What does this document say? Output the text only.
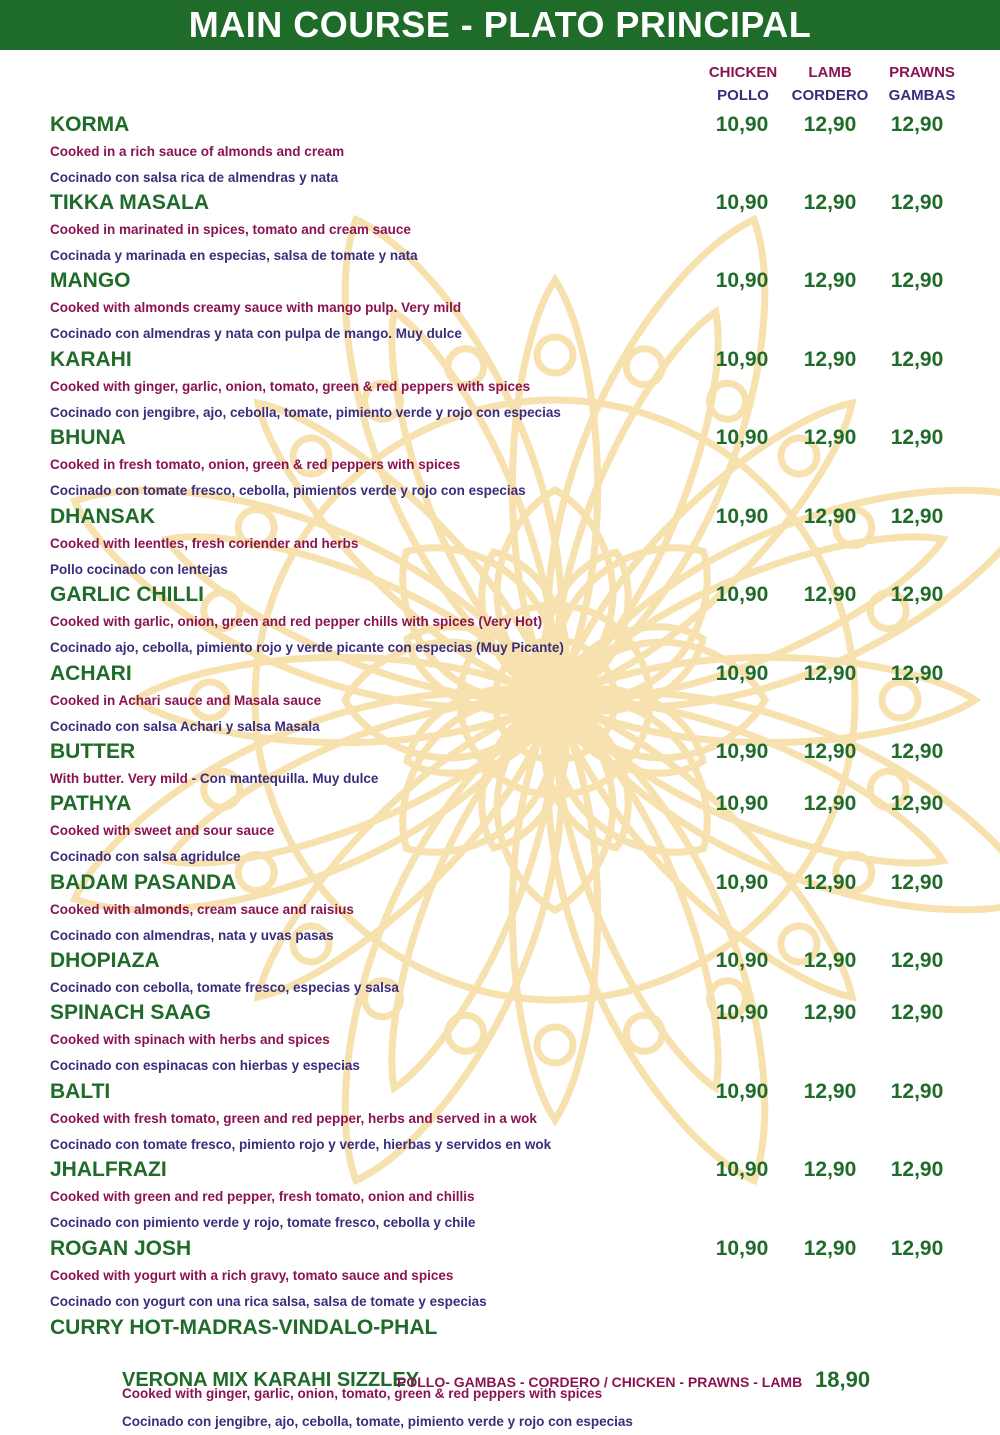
MAIN COURSE - PLATO PRINCIPAL
CHICKEN
POLLO
LAMB
CORDERO
PRAWNS
GAMBAS
KORMA	10,90	12,90	12,90
Cooked in a rich sauce of almonds and cream
Cocinado con salsa rica de almendras y nata
TIKKA MASALA	10,90	12,90	12,90
Cooked in marinated in spices, tomato and cream sauce
Cocinada y marinada en especias, salsa de tomate y nata
MANGO	10,90	12,90	12,90
Cooked with almonds creamy sauce with mango pulp. Very mild
Cocinado con almendras y nata con pulpa de mango. Muy dulce
KARAHI	10,90	12,90	12,90
Cooked with ginger, garlic, onion, tomato, green & red peppers with spices
Cocinado con jengibre, ajo, cebolla, tomate, pimiento verde y rojo con especias
BHUNA	10,90	12,90	12,90
Cooked in fresh tomato, onion, green & red peppers with spices
Cocinado con tomate fresco, cebolla, pimientos verde y rojo con especias
DHANSAK	10,90	12,90	12,90
Cooked with leentles, fresh coriender and herbs
Pollo cocinado con lentejas
GARLIC CHILLI	10,90	12,90	12,90
Cooked with garlic, onion, green and red pepper chills with spices (Very Hot)
Cocinado ajo, cebolla, pimiento rojo y verde picante con especias (Muy Picante)
ACHARI	10,90	12,90	12,90
Cooked in Achari sauce and Masala sauce
Cocinado con salsa Achari y salsa Masala
BUTTER	10,90	12,90	12,90
With butter. Very mild - Con mantequilla. Muy dulce
PATHYA	10,90	12,90	12,90
Cooked with sweet and sour sauce
Cocinado con salsa agridulce
BADAM PASANDA	10,90	12,90	12,90
Cooked with almonds, cream sauce and raisius
Cocinado con almendras, nata y uvas pasas
DHOPIAZA	10,90	12,90	12,90
Cocinado con cebolla, tomate fresco, especias y salsa
SPINACH SAAG	10,90	12,90	12,90
Cooked with spinach with herbs and spices
Cocinado con espinacas con hierbas y especias
BALTI	10,90	12,90	12,90
Cooked with fresh tomato, green and red pepper, herbs and served in a wok
Cocinado con tomate fresco, pimiento rojo y verde, hierbas y servidos en wok
JHALFRAZI	10,90	12,90	12,90
Cooked with green and red pepper, fresh tomato, onion and chillis
Cocinado con pimiento verde y rojo, tomate fresco, cebolla y chile
ROGAN JOSH	10,90	12,90	12,90
Cooked with yogurt with a rich gravy, tomato sauce and spices
Cocinado con yogurt con una rica salsa, salsa de tomate y especias
CURRY HOT-MADRAS-VINDALO-PHAL
VERONA MIX KARAHI SIZZLEY
POLLO- GAMBAS - CORDERO / CHICKEN - PRAWNS - LAMB 18,90
Cooked with ginger, garlic, onion, tomato, green & red peppers with spices
Cocinado con jengibre, ajo, cebolla, tomate, pimiento verde y rojo con especias
